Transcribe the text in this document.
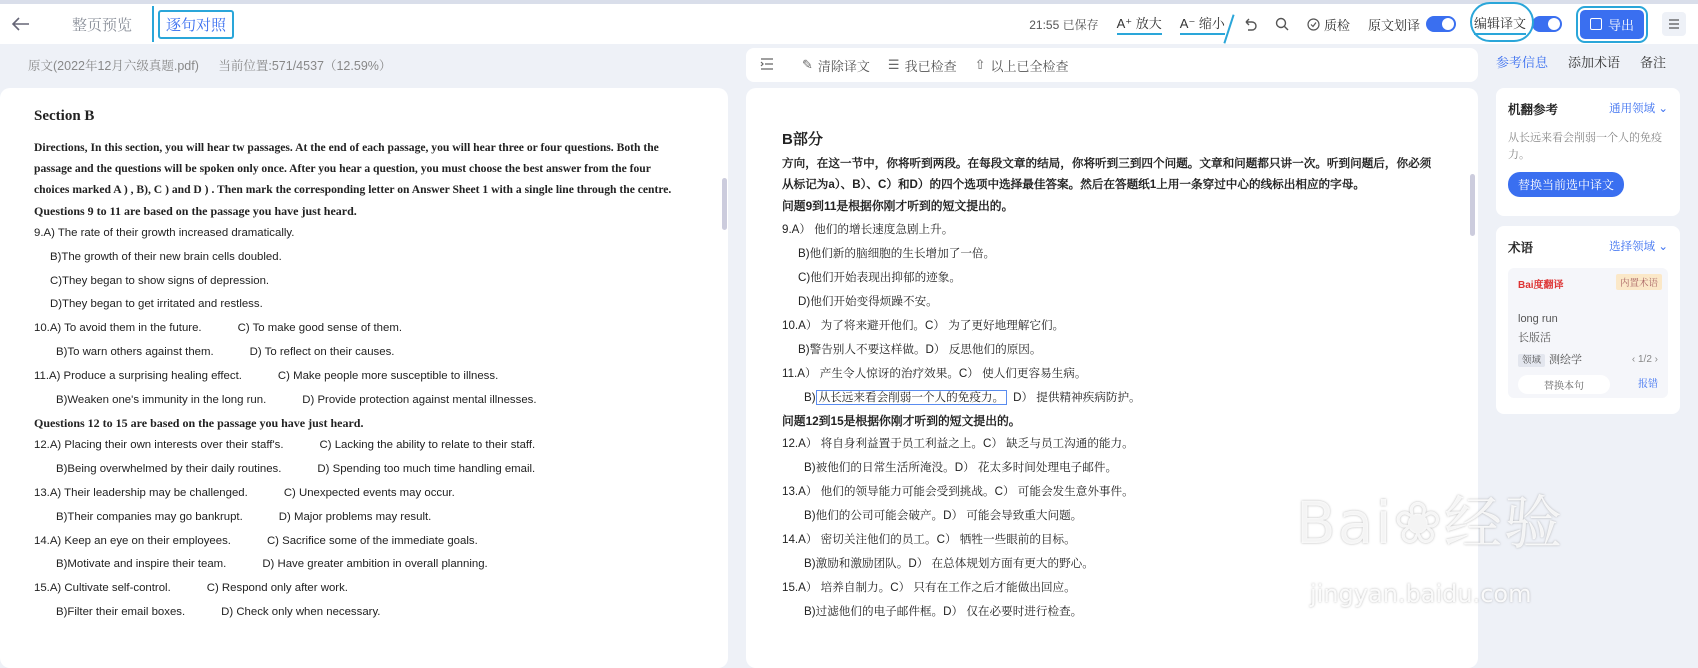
整页预览	逐句对照	21:55 已保存 A⁺ 放大 A⁻ 缩小	质检 原文划译	编辑译文	导出
原文(2022年12月六级真题.pdf) 当前位置:571/4537（12.59%）
Section B
Directions, In this section, you will hear tw passages. At the end of each passage, you will hear three or four questions. Both the passage and the questions will be spoken only once. After you hear a question, you must choose the best answer from the four choices marked A ) , B), C ) and D ) . Then mark the corresponding letter on Answer Sheet 1 with a single line through the centre.
Questions 9 to 11 are based on the passage you have just heard.
9.A) The rate of their growth increased dramatically.
B)The growth of their new brain cells doubled.
C)They began to show signs of depression.
D)They began to get irritated and restless.
10.A) To avoid them in the future.	C) To make good sense of them.
B)To warn others against them.	D) To reflect on their causes.
11.A) Produce a surprising healing effect.	C) Make people more susceptible to illness.
B)Weaken one's immunity in the long run.	D) Provide protection against mental illnesses.
Questions 12 to 15 are based on the passage you have just heard.
12.A) Placing their own interests over their staff's.	C) Lacking the ability to relate to their staff.
B)Being overwhelmed by their daily routines.	D) Spending too much time handling email.
13.A) Their leadership may be challenged.	C) Unexpected events may occur.
B)Their companies may go bankrupt.	D) Major problems may result.
14.A) Keep an eye on their employees.	C) Sacrifice some of the immediate goals.
B)Motivate and inspire their team.	D) Have greater ambition in overall planning.
15.A) Cultivate self-control.	C) Respond only after work.
B)Filter their email boxes.	D) Check only when necessary.
✎ 清除译文 ☰ 我已检查 ⇧ 以上已全检查
B部分
方向，在这一节中，你将听到两段。在每段文章的结局，你将听到三到四个问题。文章和问题都只讲一次。听到问题后，你必须从标记为a）、B）、C）和D）的四个选项中选择最佳答案。然后在答题纸1上用一条穿过中心的线标出相应的字母。
问题9到11是根据你刚才听到的短文提出的。
9.A） 他们的增长速度急剧上升。
B)他们新的脑细胞的生长增加了一倍。
C)他们开始表现出抑郁的迹象。
D)他们开始变得烦躁不安。
10.A） 为了将来避开他们。C） 为了更好地理解它们。
B)警告别人不要这样做。D） 反思他们的原因。
11.A） 产生令人惊讶的治疗效果。C） 使人们更容易生病。
B) 从长远来看会削弱一个人的免疫力。 D） 提供精神疾病防护。
问题12到15是根据你刚才听到的短文提出的。
12.A） 将自身利益置于员工利益之上。C） 缺乏与员工沟通的能力。
B)被他们的日常生活所淹没。D） 花太多时间处理电子邮件。
13.A） 他们的领导能力可能会受到挑战。C） 可能会发生意外事件。
B)他们的公司可能会破产。D） 可能会导致重大问题。
14.A） 密切关注他们的员工。C） 牺牲一些眼前的目标。
B)激励和激励团队。D） 在总体规划方面有更大的野心。
15.A） 培养自制力。C） 只有在工作之后才能做出回应。
B)过滤他们的电子邮件框。D） 仅在必要时进行检查。
参考信息 添加术语 备注
机翻参考	通用领域 ⌄
从长远来看会削弱一个人的免疫力。
替换当前选中译文
术语	选择领域 ⌄
Bai度翻译	内置术语
long run
长版活
领域 测绘学	‹ 1/2 ›
替换本句	报错
Bai❀经验
jingyan.baidu.com
